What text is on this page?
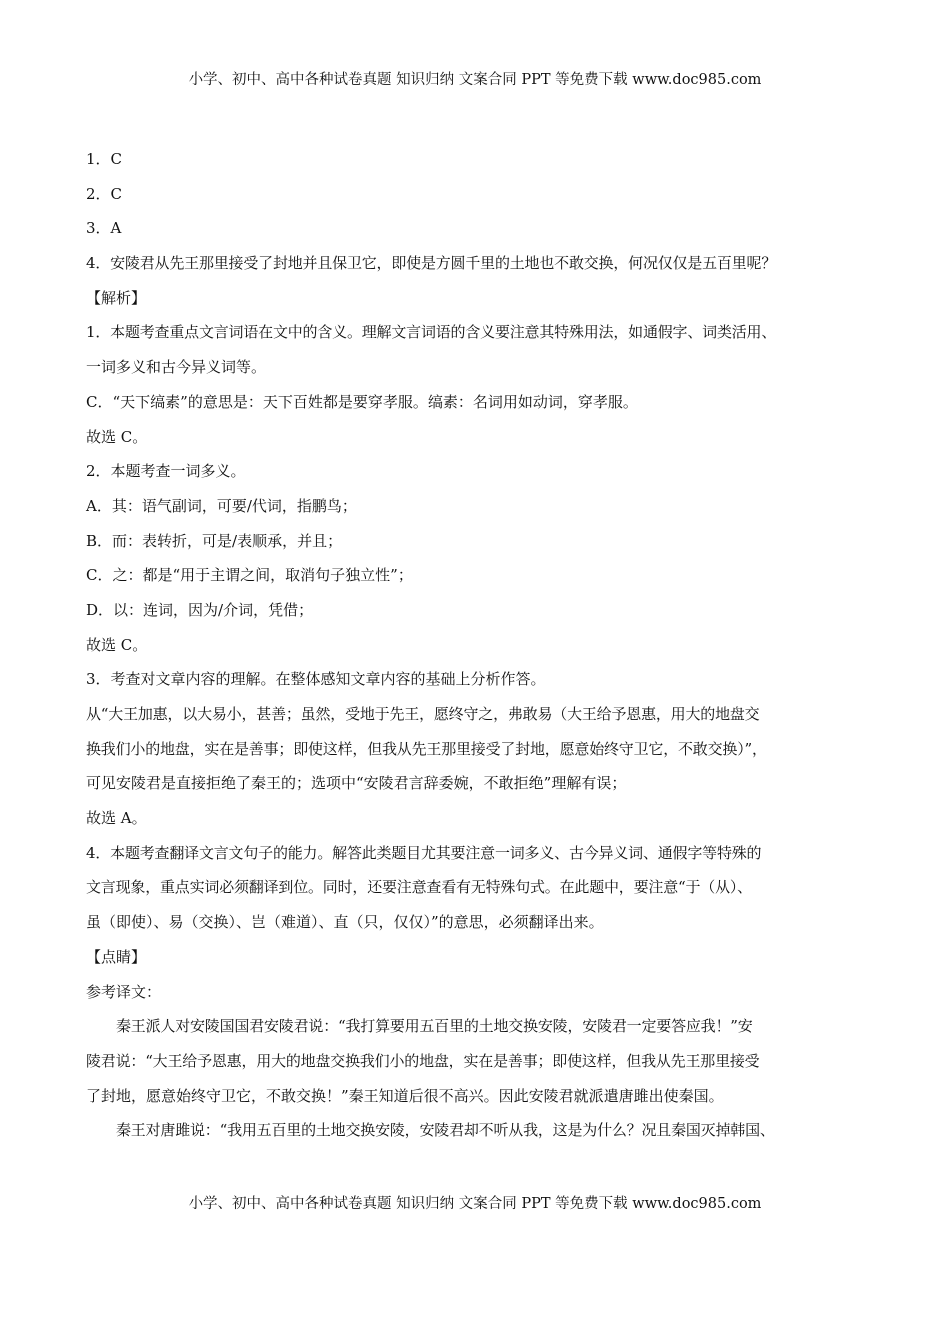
小学、初中、高中各种试卷真题 知识归纳 文案合同 PPT 等免费下载 www.doc985.com
1．C
2．C
3．A
4．安陵君从先王那里接受了封地并且保卫它，即使是方圆千里的土地也不敢交换，何况仅仅是五百里呢？
【解析】
1．本题考查重点文言词语在文中的含义。理解文言词语的含义要注意其特殊用法，如通假字、词类活用、
一词多义和古今异义词等。
C．“天下缟素”的意思是：天下百姓都是要穿孝服。缟素：名词用如动词，穿孝服。
故选 C。
2．本题考查一词多义。
A．其：语气副词，可要/代词，指鹏鸟；
B．而：表转折，可是/表顺承，并且；
C．之：都是“用于主谓之间，取消句子独立性”；
D．以：连词，因为/介词，凭借；
故选 C。
3．考查对文章内容的理解。在整体感知文章内容的基础上分析作答。
从“大王加惠，以大易小，甚善；虽然，受地于先王，愿终守之，弗敢易（大王给予恩惠，用大的地盘交
换我们小的地盘，实在是善事；即使这样，但我从先王那里接受了封地，愿意始终守卫它，不敢交换）”，
可见安陵君是直接拒绝了秦王的；选项中“安陵君言辞委婉，不敢拒绝”理解有误；
故选 A。
4．本题考查翻译文言文句子的能力。解答此类题目尤其要注意一词多义、古今异义词、通假字等特殊的
文言现象，重点实词必须翻译到位。同时，还要注意查看有无特殊句式。在此题中，要注意“于（从）、
虽（即使）、易（交换）、岂（难道）、直（只，仅仅）”的意思，必须翻译出来。
【点睛】
参考译文：
秦王派人对安陵国国君安陵君说：“我打算要用五百里的土地交换安陵，安陵君一定要答应我！”安
陵君说：“大王给予恩惠，用大的地盘交换我们小的地盘，实在是善事；即使这样，但我从先王那里接受
了封地，愿意始终守卫它，不敢交换！”秦王知道后很不高兴。因此安陵君就派遣唐雎出使秦国。
秦王对唐雎说：“我用五百里的土地交换安陵，安陵君却不听从我，这是为什么？况且秦国灭掉韩国、
小学、初中、高中各种试卷真题 知识归纳 文案合同 PPT 等免费下载 www.doc985.com
